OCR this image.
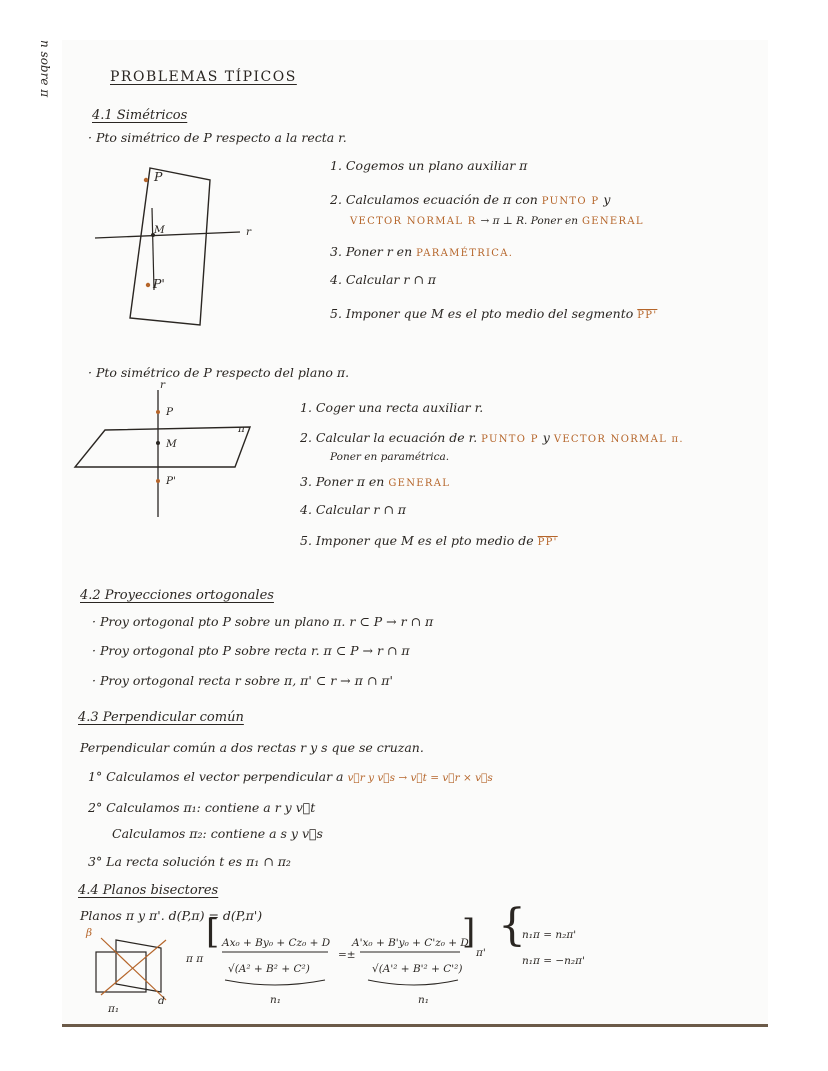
n sobre π	PROBLEMAS TÍPICOS
4.1 Simétricos
· Pto simétrico de P respecto a la recta r.
P
M
P'
r
1. Cogemos un plano auxiliar π
2. Calculamos ecuación de π con PUNTO P y
VECTOR NORMAL R → π ⊥ R. Poner en GENERAL
3. Poner r en PARAMÉTRICA.
4. Calcular r ∩ π
5. Imponer que M es el pto medio del segmento PP'
· Pto simétrico de P respecto del plano π.
r
P
M
P'
π
1. Coger una recta auxiliar r.
2. Calcular la ecuación de r. PUNTO P y VECTOR NORMAL π.
Poner en paramétrica.
3. Poner π en GENERAL
4. Calcular r ∩ π
5. Imponer que M es el pto medio de PP'
4.2 Proyecciones ortogonales
· Proy ortogonal pto P sobre un plano π. r ⊂ P → r ∩ π
· Proy ortogonal pto P sobre recta r. π ⊂ P → r ∩ π
· Proy ortogonal recta r sobre π, π' ⊂ r → π ∩ π'
4.3 Perpendicular común
Perpendicular común a dos rectas r y s que se cruzan.
1° Calculamos el vector perpendicular a v⃗r y v⃗s → v⃗t = v⃗r × v⃗s
2° Calculamos π₁: contiene a r y v⃗t
Calculamos π₂: contiene a s y v⃗s
3° La recta solución t es π₁ ∩ π₂
4.4 Planos bisectores
Planos π y π'. d(P,π) = d(P,π')
β
π₁
d
π π
[ Ax₀ + By₀ + Cz₀ + D
√(A² + B² + C²)
=±
A'x₀ + B'y₀ + C'z₀ + D'
√(A'² + B'² + C'²)
]
π'
n₁	n₁
{
n₁π = n₂π'
n₁π = −n₂π'
